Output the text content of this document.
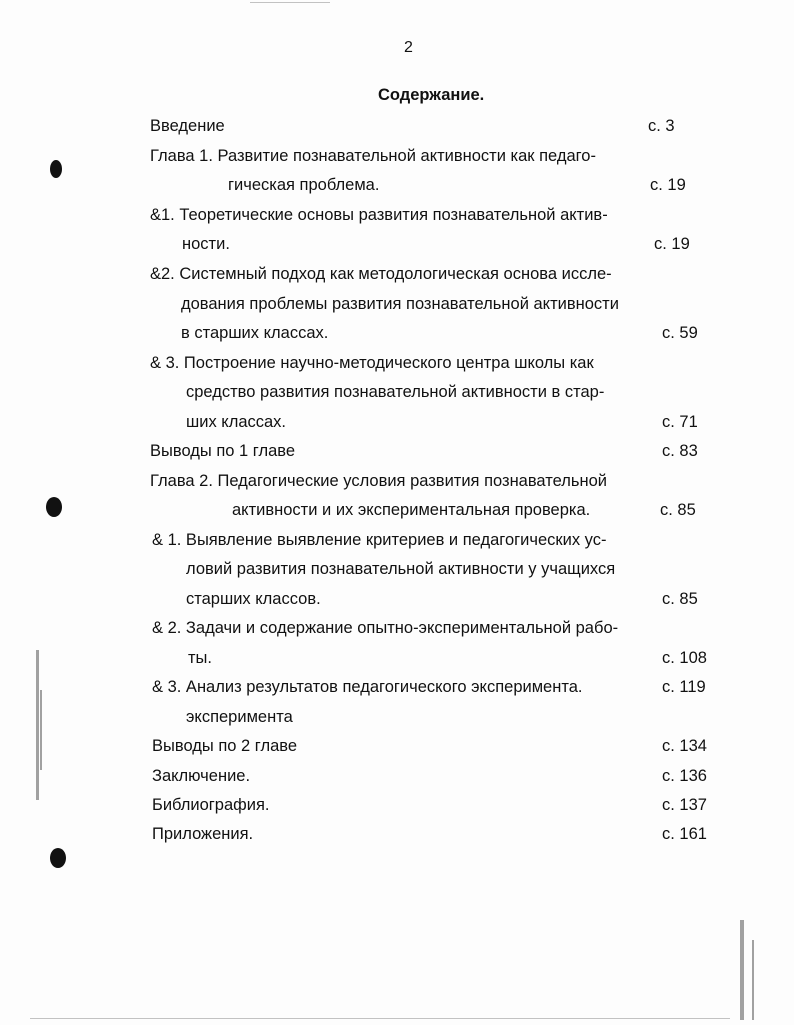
2
Содержание.
Введение	с. 3
Глава 1. Развитие познавательной активности как педаго-
гическая проблема.	с. 19
&1. Теоретические основы развития познавательной актив-
ности.	с. 19
&2. Системный подход как методологическая основа иссле-
дования проблемы развития познавательной активности
в старших классах.	с. 59
& 3. Построение научно-методического центра школы как
средство развития познавательной активности в стар-
ших классах.	с. 71
Выводы по 1 главе	с. 83
Глава 2. Педагогические условия развития познавательной
активности и их экспериментальная проверка.	с. 85
& 1. Выявление выявление критериев и педагогических ус-
ловий развития познавательной активности у учащихся
старших классов.	с. 85
& 2. Задачи и содержание опытно-экспериментальной рабо-
ты.	с. 108
& 3. Анализ результатов педагогического эксперимента.	с. 119
эксперимента
Выводы по 2 главе	с. 134
Заключение.	с. 136
Библиография.	с. 137
Приложения.	с. 161
